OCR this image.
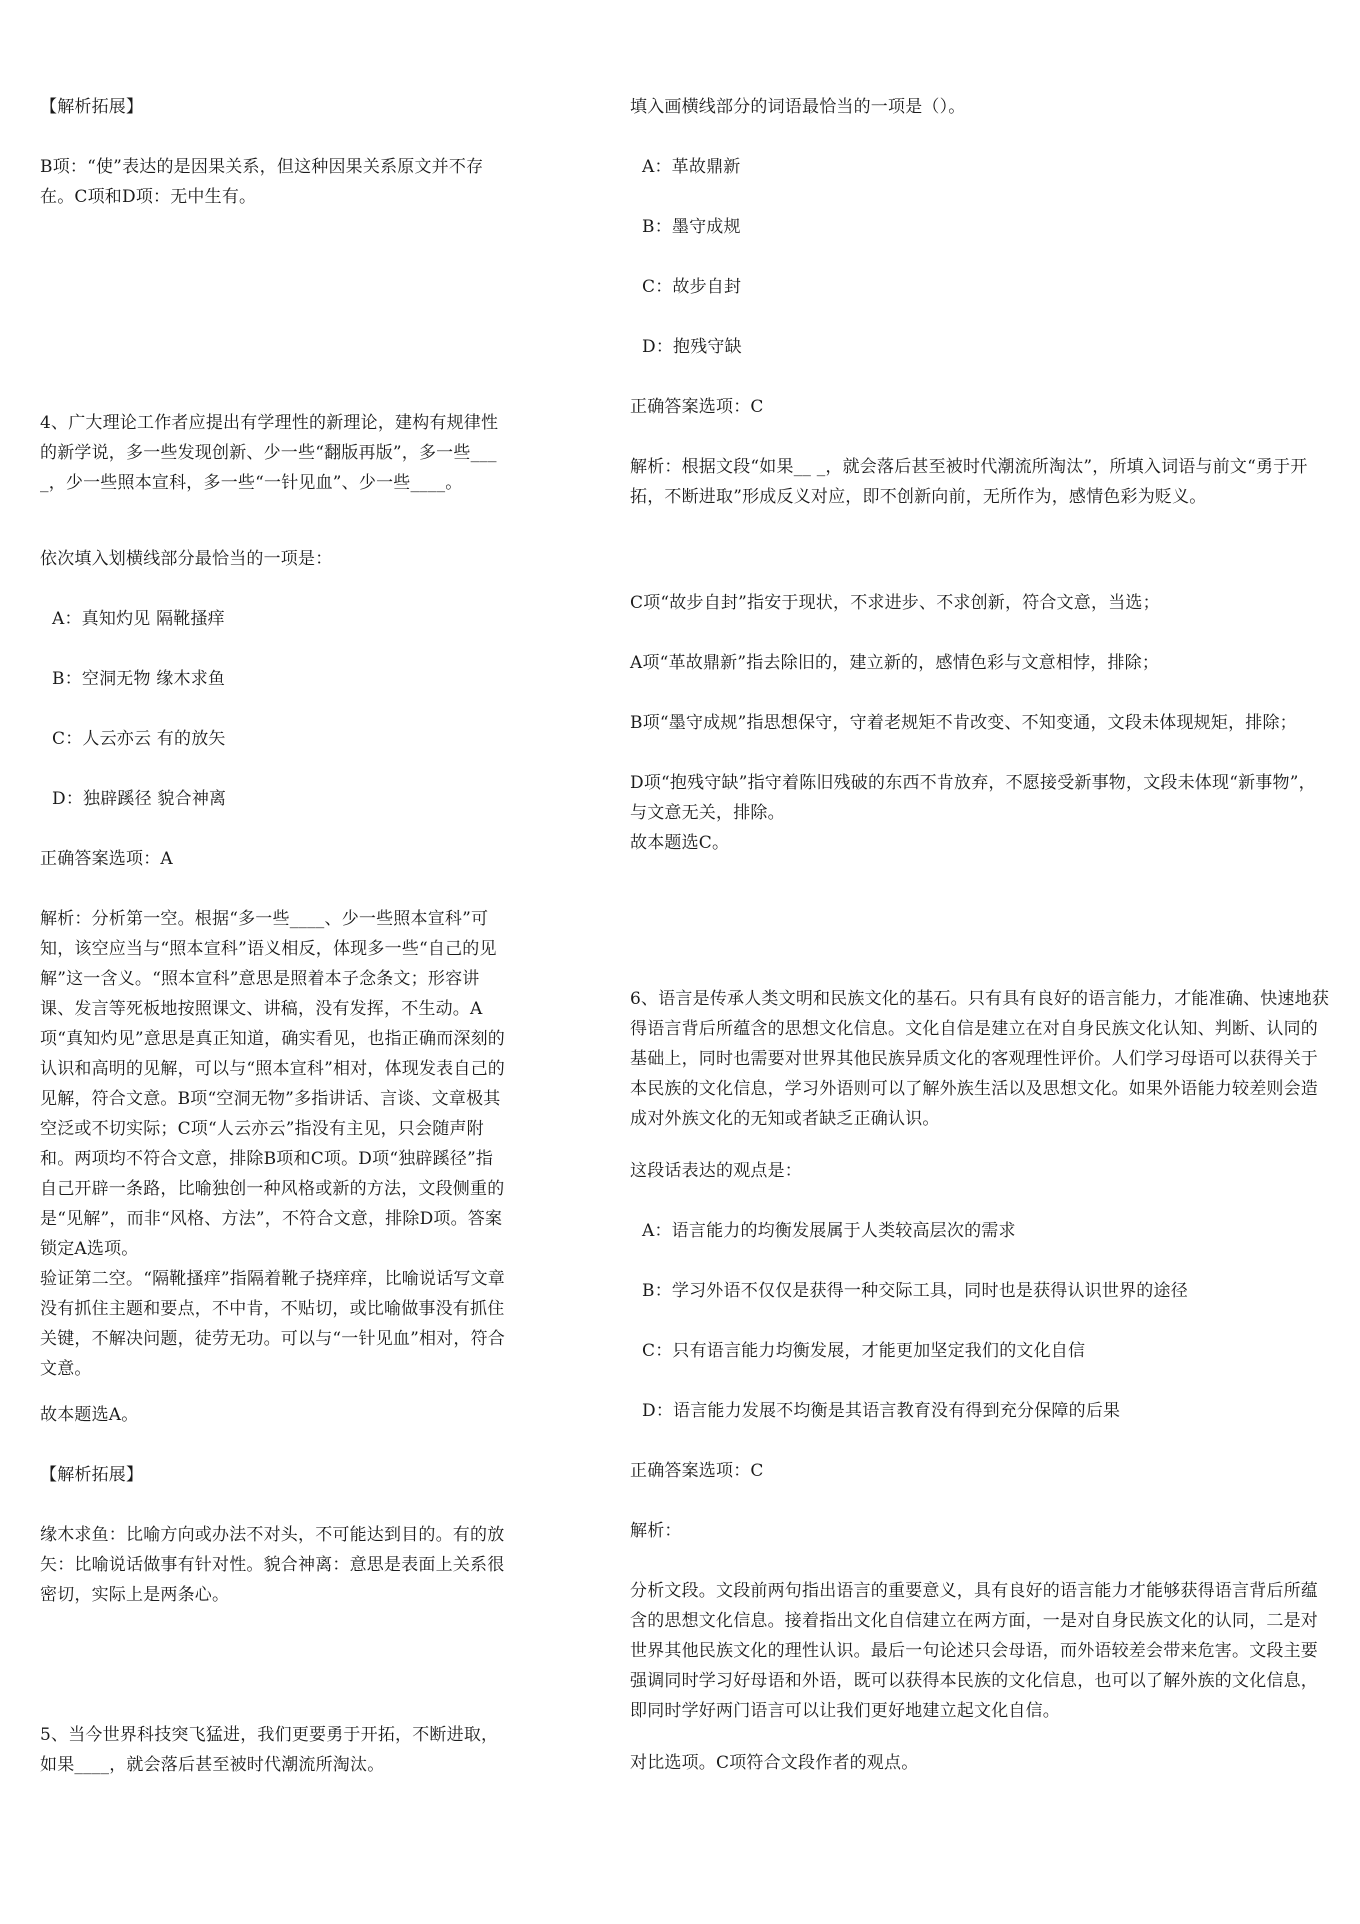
【解析拓展】

B项：“使”表达的是因果关系，但这种因果关系原文并不存在。C项和D项：无中生有。

4、广大理论工作者应提出有学理性的新理论，建构有规律性的新学说，多一些发现创新、少一些“翻版再版”，多一些____，少一些照本宣科，多一些“一针见血”、少一些____。

依次填入划横线部分最恰当的一项是：

A：真知灼见 隔靴搔痒

B：空洞无物 缘木求鱼

C：人云亦云 有的放矢

D：独辟蹊径 貌合神离

正确答案选项：A

解析：分析第一空。根据“多一些____、少一些照本宣科”可知，该空应当与“照本宣科”语义相反，体现多一些“自己的见解”这一含义。“照本宣科”意思是照着本子念条文；形容讲课、发言等死板地按照课文、讲稿，没有发挥，不生动。A项“真知灼见”意思是真正知道，确实看见，也指正确而深刻的认识和高明的见解，可以与“照本宣科”相对，体现发表自己的见解，符合文意。B项“空洞无物”多指讲话、言谈、文章极其空泛或不切实际；C项“人云亦云”指没有主见，只会随声附和。两项均不符合文意，排除B项和C项。D项“独辟蹊径”指自己开辟一条路，比喻独创一种风格或新的方法，文段侧重的是“见解”，而非“风格、方法”，不符合文意，排除D项。答案锁定A选项。

验证第二空。“隔靴搔痒”指隔着靴子挠痒痒，比喻说话写文章没有抓住主题和要点，不中肯，不贴切，或比喻做事没有抓住关键，不解决问题，徒劳无功。可以与“一针见血”相对，符合文意。

故本题选A。

【解析拓展】

缘木求鱼：比喻方向或办法不对头，不可能达到目的。有的放矢：比喻说话做事有针对性。貌合神离：意思是表面上关系很密切，实际上是两条心。

5、当今世界科技突飞猛进，我们更要勇于开拓，不断进取，如果____，就会落后甚至被时代潮流所淘汰。

填入画横线部分的词语最恰当的一项是（）。

A：革故鼎新

B：墨守成规

C：故步自封

D：抱残守缺

正确答案选项：C

解析：根据文段“如果__ _，就会落后甚至被时代潮流所淘汰”，所填入词语与前文“勇于开拓，不断进取”形成反义对应，即不创新向前，无所作为，感情色彩为贬义。

C项“故步自封”指安于现状，不求进步、不求创新，符合文意，当选；

A项“革故鼎新”指去除旧的，建立新的，感情色彩与文意相悖，排除；

B项“墨守成规”指思想保守，守着老规矩不肯改变、不知变通，文段未体现规矩，排除；

D项“抱残守缺”指守着陈旧残破的东西不肯放弃，不愿接受新事物，文段未体现“新事物”，与文意无关，排除。

故本题选C。

6、语言是传承人类文明和民族文化的基石。只有具有良好的语言能力，才能准确、快速地获得语言背后所蕴含的思想文化信息。文化自信是建立在对自身民族文化认知、判断、认同的基础上，同时也需要对世界其他民族异质文化的客观理性评价。人们学习母语可以获得关于本民族的文化信息，学习外语则可以了解外族生活以及思想文化。如果外语能力较差则会造成对外族文化的无知或者缺乏正确认识。

这段话表达的观点是：

A：语言能力的均衡发展属于人类较高层次的需求

B：学习外语不仅仅是获得一种交际工具，同时也是获得认识世界的途径

C：只有语言能力均衡发展，才能更加坚定我们的文化自信

D：语言能力发展不均衡是其语言教育没有得到充分保障的后果

正确答案选项：C

解析：

分析文段。文段前两句指出语言的重要意义，具有良好的语言能力才能够获得语言背后所蕴含的思想文化信息。接着指出文化自信建立在两方面，一是对自身民族文化的认同，二是对世界其他民族文化的理性认识。最后一句论述只会母语，而外语较差会带来危害。文段主要强调同时学习好母语和外语，既可以获得本民族的文化信息，也可以了解外族的文化信息，即同时学好两门语言可以让我们更好地建立起文化自信。

对比选项。C项符合文段作者的观点。
